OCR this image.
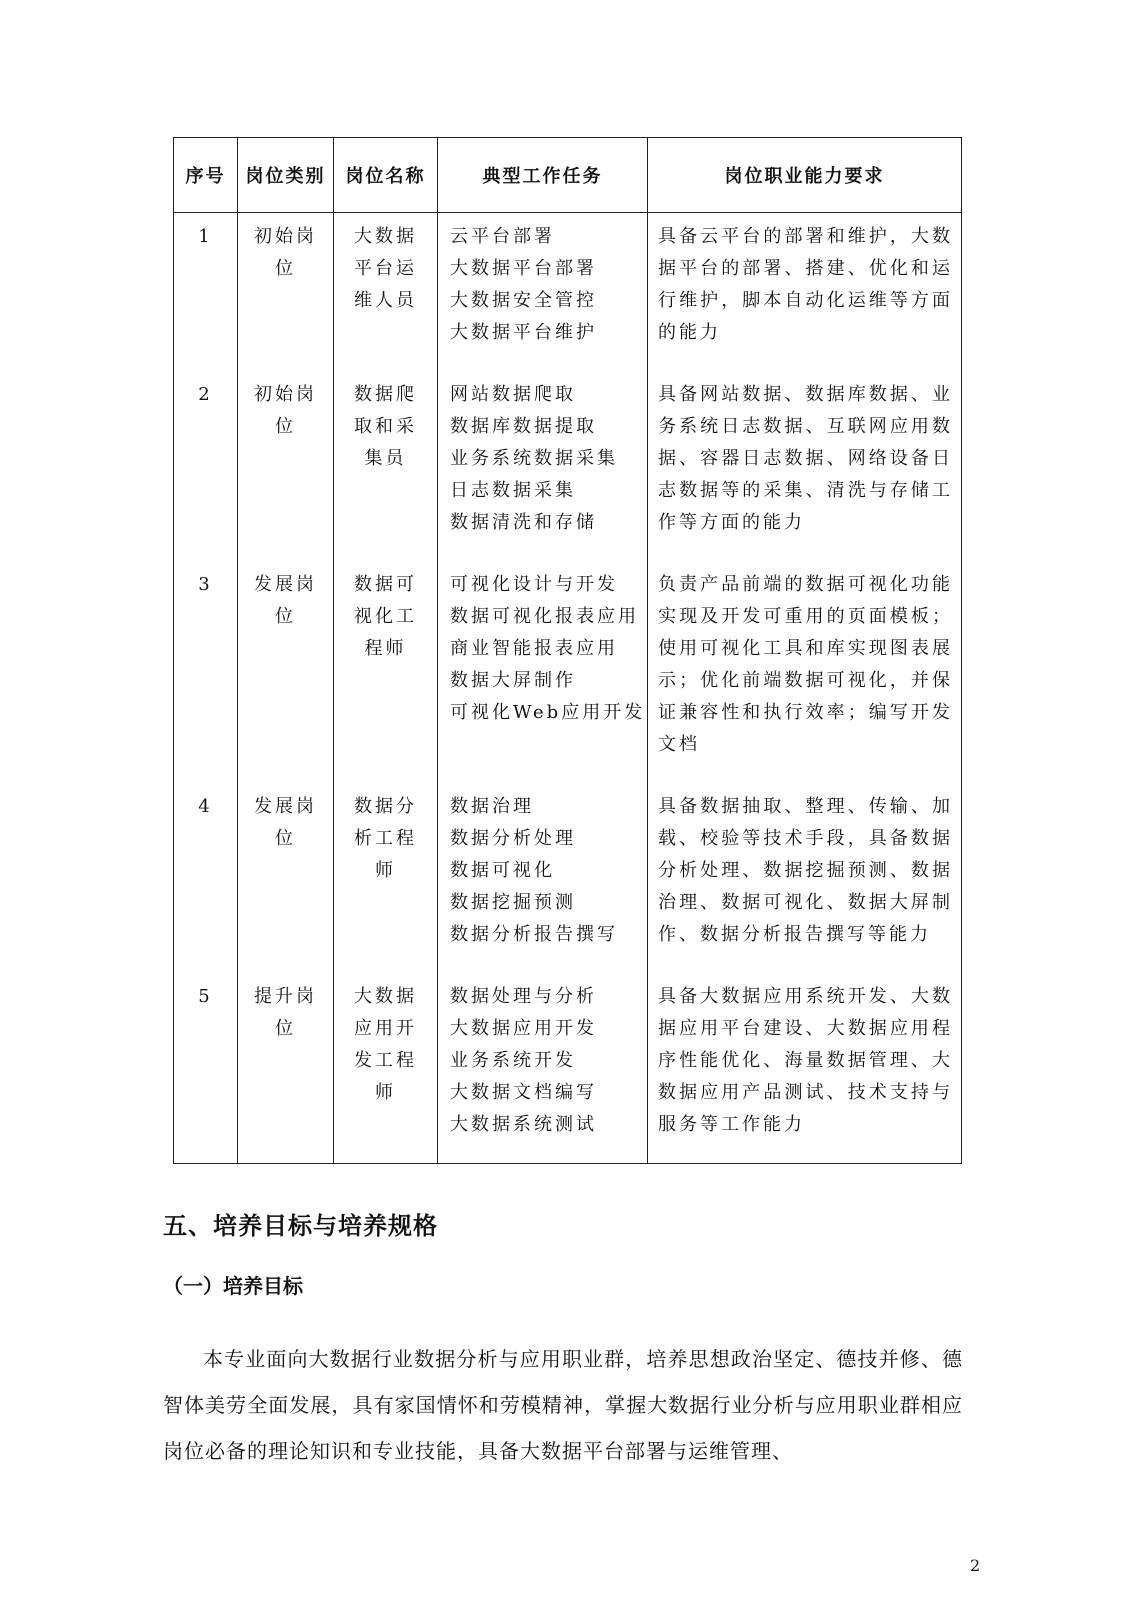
序号	岗位类别	岗位名称	典型工作任务	岗位职业能力要求
1	初始岗位	大数据平台运维人员	云平台部署
大数据平台部署
大数据安全管控
大数据平台维护	具备云平台的部署和维护，大数据平台的部署、搭建、优化和运行维护，脚本自动化运维等方面的能力
2	初始岗位	数据爬取和采集员	网站数据爬取
数据库数据提取
业务系统数据采集
日志数据采集
数据清洗和存储	具备网站数据、数据库数据、业务系统日志数据、互联网应用数据、容器日志数据、网络设备日志数据等的采集、清洗与存储工作等方面的能力
3	发展岗位	数据可视化工程师	可视化设计与开发
数据可视化报表应用
商业智能报表应用
数据大屏制作
可视化Web应用开发	负责产品前端的数据可视化功能实现及开发可重用的页面模板；使用可视化工具和库实现图表展示；优化前端数据可视化，并保证兼容性和执行效率；编写开发文档
4	发展岗位	数据分析工程师	数据治理
数据分析处理
数据可视化
数据挖掘预测
数据分析报告撰写	具备数据抽取、整理、传输、加载、校验等技术手段，具备数据分析处理、数据挖掘预测、数据治理、数据可视化、数据大屏制作、数据分析报告撰写等能力
5	提升岗位	大数据应用开发工程师	数据处理与分析
大数据应用开发
业务系统开发
大数据文档编写
大数据系统测试	具备大数据应用系统开发、大数据应用平台建设、大数据应用程序性能优化、海量数据管理、大数据应用产品测试、技术支持与服务等工作能力
五、培养目标与培养规格
（一）培养目标

本专业面向大数据行业数据分析与应用职业群，培养思想政治坚定、德技并修、德智体美劳全面发展，具有家国情怀和劳模精神，掌握大数据行业分析与应用职业群相应岗位必备的理论知识和专业技能，具备大数据平台部署与运维管理、

2
